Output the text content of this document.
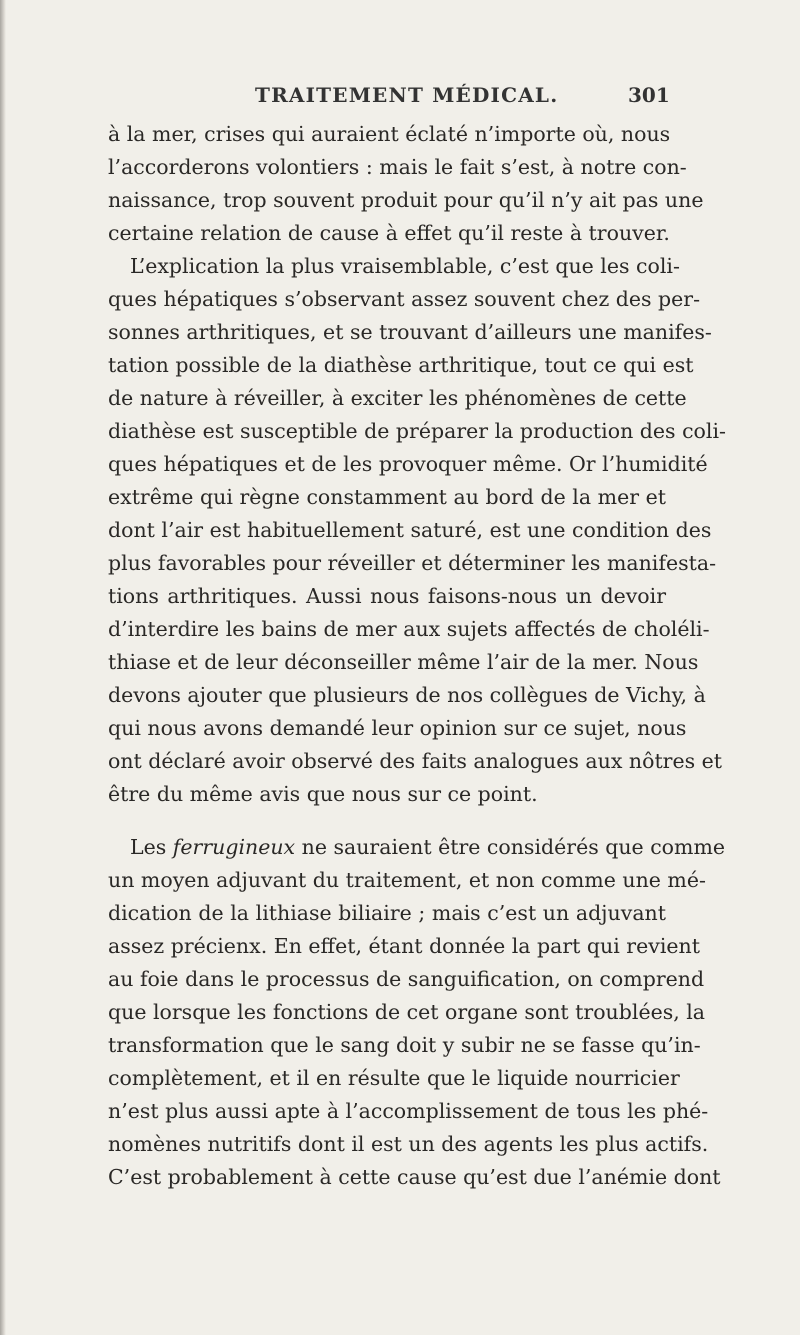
TRAITEMENT MÉDICAL.	301
à la mer, crises qui auraient éclaté n’importe où, nous
l’accorderons volontiers : mais le fait s’est, à notre con-
naissance, trop souvent produit pour qu’il n’y ait pas une
certaine relation de cause à effet qu’il reste à trouver.
L’explication la plus vraisemblable, c’est que les coli-
ques hépatiques s’observant assez souvent chez des per-
sonnes arthritiques, et se trouvant d’ailleurs une manifes-
tation possible de la diathèse arthritique, tout ce qui est
de nature à réveiller, à exciter les phénomènes de cette
diathèse est susceptible de préparer la production des coli-
ques hépatiques et de les provoquer même. Or l’humidité
extrême qui règne constamment au bord de la mer et
dont l’air est habituellement saturé, est une condition des
plus favorables pour réveiller et déterminer les manifesta-
tions arthritiques. Aussi nous faisons-nous un devoir
d’interdire les bains de mer aux sujets affectés de choléli-
thiase et de leur déconseiller même l’air de la mer. Nous
devons ajouter que plusieurs de nos collègues de Vichy, à
qui nous avons demandé leur opinion sur ce sujet, nous
ont déclaré avoir observé des faits analogues aux nôtres et
être du même avis que nous sur ce point.
Les ferrugineux ne sauraient être considérés que comme
un moyen adjuvant du traitement, et non comme une mé-
dication de la lithiase biliaire ; mais c’est un adjuvant
assez précienx. En effet, étant donnée la part qui revient
au foie dans le processus de sanguification, on comprend
que lorsque les fonctions de cet organe sont troublées, la
transformation que le sang doit y subir ne se fasse qu’in-
complètement, et il en résulte que le liquide nourricier
n’est plus aussi apte à l’accomplissement de tous les phé-
nomènes nutritifs dont il est un des agents les plus actifs.
C’est probablement à cette cause qu’est due l’anémie dont
